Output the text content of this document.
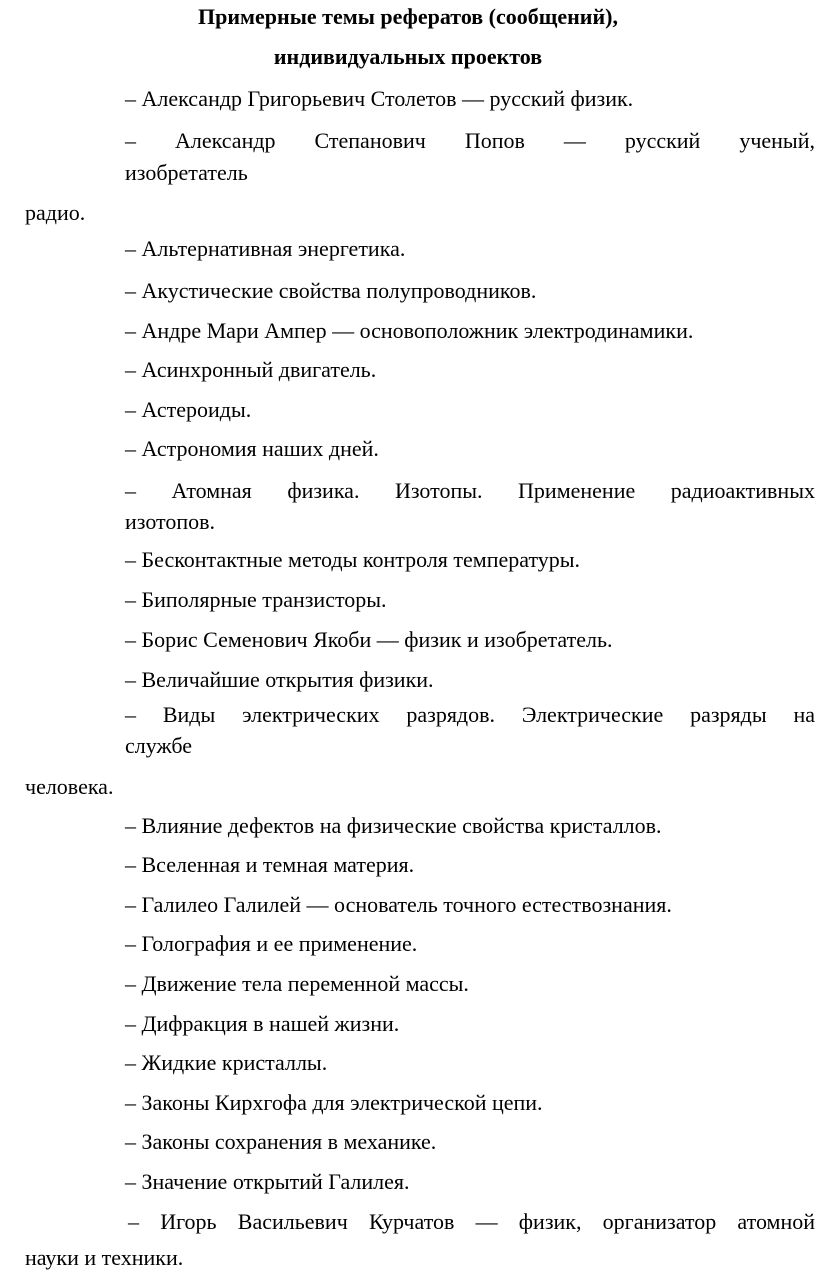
Примерные темы рефератов (сообщений),
индивидуальных проектов
– Александр Григорьевич Столетов — русский физик.
– Александр Степанович Попов — русский ученый,
изобретатель
радио.
– Альтернативная энергетика.
– Акустические свойства полупроводников.
– Андре Мари Ампер — основоположник электродинамики.
– Асинхронный двигатель.
– Астероиды.
– Астрономия наших дней.
– Атомная физика. Изотопы. Применение радиоактивных
изотопов.
– Бесконтактные методы контроля температуры.
– Биполярные транзисторы.
– Борис Семенович Якоби — физик и изобретатель.
– Величайшие открытия физики.
– Виды электрических разрядов. Электрические разряды на
службе
человека.
– Влияние дефектов на физические свойства кристаллов.
– Вселенная и темная материя.
– Галилео Галилей — основатель точного естествознания.
– Голография и ее применение.
– Движение тела переменной массы.
– Дифракция в нашей жизни.
– Жидкие кристаллы.
– Законы Кирхгофа для электрической цепи.
– Законы сохранения в механике.
– Значение открытий Галилея.
– Игорь Васильевич Курчатов — физик, организатор атомной
науки и техники.
